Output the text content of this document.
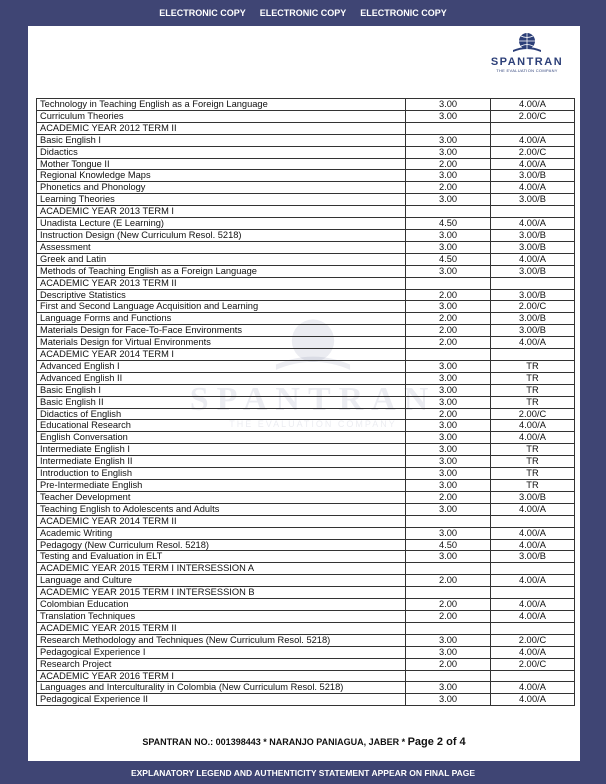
ELECTRONIC COPY ELECTRONIC COPY ELECTRONIC COPY
SPANTRAN
THE EVALUATION COMPANY
SPANTRAN
THE EVALUATION COMPANY
Technology in Teaching English as a Foreign Language	3.00	4.00/A
Curriculum Theories	3.00	2.00/C
ACADEMIC YEAR 2012 TERM II		
Basic English I	3.00	4.00/A
Didactics	3.00	2.00/C
Mother Tongue II	2.00	4.00/A
Regional Knowledge Maps	3.00	3.00/B
Phonetics and Phonology	2.00	4.00/A
Learning Theories	3.00	3.00/B
ACADEMIC YEAR 2013 TERM I		
Unadista Lecture (E Learning)	4.50	4.00/A
Instruction Design (New Curriculum Resol. 5218)	3.00	3.00/B
Assessment	3.00	3.00/B
Greek and Latin	4.50	4.00/A
Methods of Teaching English as a Foreign Language	3.00	3.00/B
ACADEMIC YEAR 2013 TERM II		
Descriptive Statistics	2.00	3.00/B
First and Second Language Acquisition and Learning	3.00	2.00/C
Language Forms and Functions	2.00	3.00/B
Materials Design for Face-To-Face Environments	2.00	3.00/B
Materials Design for Virtual Environments	2.00	4.00/A
ACADEMIC YEAR 2014 TERM I		
Advanced English I	3.00	TR
Advanced English II	3.00	TR
Basic English I	3.00	TR
Basic English II	3.00	TR
Didactics of English	2.00	2.00/C
Educational Research	3.00	4.00/A
English Conversation	3.00	4.00/A
Intermediate English I	3.00	TR
Intermediate English II	3.00	TR
Introduction to English	3.00	TR
Pre-Intermediate English	3.00	TR
Teacher Development	2.00	3.00/B
Teaching English to Adolescents and Adults	3.00	4.00/A
ACADEMIC YEAR 2014 TERM II		
Academic Writing	3.00	4.00/A
Pedagogy (New Curriculum Resol. 5218)	4.50	4.00/A
Testing and Evaluation in ELT	3.00	3.00/B
ACADEMIC YEAR 2015 TERM I INTERSESSION A		
Language and Culture	2.00	4.00/A
ACADEMIC YEAR 2015 TERM I INTERSESSION B		
Colombian Education	2.00	4.00/A
Translation Techniques	2.00	4.00/A
ACADEMIC YEAR 2015 TERM II		
Research Methodology and Techniques (New Curriculum Resol. 5218)	3.00	2.00/C
Pedagogical Experience I	3.00	4.00/A
Research Project	2.00	2.00/C
ACADEMIC YEAR 2016 TERM I		
Languages and Interculturality in Colombia (New Curriculum Resol. 5218)	3.00	4.00/A
Pedagogical Experience II	3.00	4.00/A
SPANTRAN NO.: 001398443 * NARANJO PANIAGUA, JABER * Page 2 of 4
EXPLANATORY LEGEND AND AUTHENTICITY STATEMENT APPEAR ON FINAL PAGE
